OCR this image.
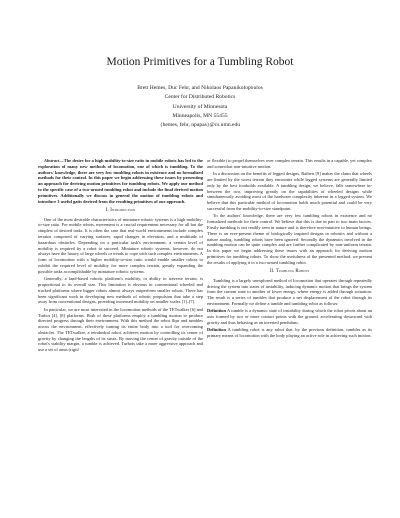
Motion Primitives for a Tumbling Robot
Brett Hemes, Duc Fehr, and Nikolaos Papanikolopoulos
Center for Distributed Robotics
University of Minnesota
Minneapolis, MN 55455
{hemes, fehr, npapas}@cs.umn.edu

Abstract—The desire for a high mobility-to-size ratio in mobile robots has led to the exploration of many new methods of locomotion, one of which is tumbling. To the authors' knowledge, there are very few tumbling robots in existence and no formalized methods for their control. In this paper we begin addressing these issues by presenting an approach for deriving motion primitives for tumbling robots. We apply our method to the specific case of a two-armed tumbling robot and include the final derived motion primitives. Additionally we discuss in general the motion of tumbling robots and introduce 3 useful gaits derived from the resulting primitives of our approach.

I. Introduction

One of the most desirable characteristics of miniature robotic systems is a high mobility-to-size ratio. For mobile robots, movement is a crucial requirement necessary for all but the simplest of desired tasks. It is often the case that real-world environments include complex terrains composed of varying surfaces, rapid changes in elevation, and a multitude of hazardous obstacles. Depending on a particular task's environment, a certain level of mobility is required by a robot to succeed. Miniature robotic systems, however, do not always have the luxury of large wheels or treads to cope with such complex environments. A form of locomotion with a higher mobility-to-size ratio would enable smaller robots to exhibit the required level of mobility for more complex terrain, greatly expanding the possible tasks accomplishable by miniature robotic systems.

Generally, a land-based robotic platform's mobility, or ability to traverse terrain, is proportional to its overall size. This limitation is obvious in conventional wheeled and tracked platforms where bigger robots almost always outperform smaller robots. There has been significant work in developing new methods of robotic propulsion that take a step away from conventional designs, providing increased mobility on smaller scales [1]–[7].

In particular, we are most interested in the locomotion methods of the TETwalker [6] and Turbot [4], [8] platforms. Both of these platforms employ a tumbling motion to produce directed progress through their environment. With this method the robot flips and tumbles across the environment, effectively turning its entire body into a tool for overcoming obstacles. The TETwalker, a tetrahedral robot, achieves motion by controlling its center of gravity by changing the lengths of its struts. By moving the center of gravity outside of the robot's stability margin, a tumble is achieved. Turbots take a more aggressive approach and use a set of arms (rigid

or flexible) to propel themselves over complex terrain. This results in a capable, yet complex and somewhat non-intuitive motion.

In a discussion on the benefits of legged designs, Raibert [9] makes the claim that wheels are limited by the worst terrain they encounter while legged systems are generally limited only by the best footholds available. A tumbling design, we believe, falls somewhere in-between the two, improving greatly on the capabilities of wheeled designs while simultaneously avoiding most of the hardware complexity inherent in a legged system. We believe that this particular method of locomotion holds much potential and could be very successful from the mobility-to-size standpoint.

To the authors' knowledge, there are very few tumbling robots in existence and no formalized methods for their control. We believe that this is due in part to two main factors. Firstly tumbling is not readily seen in nature and is therefore non-intuitive to human beings. There is an ever-present theme of biologically inspired designs in robotics and without a nature analog, tumbling robots have been ignored. Secondly the dynamics involved in the tumbling motion can be quite complex and are further complicated by non-uniform terrain. In this paper we begin addressing these issues with an approach for deriving motion primitives for tumbling robots. To show the usefulness of the presented method, we present the results of applying it to a two-armed tumbling robot.

II. Tumbling Robots

Tumbling is a largely unexplored method of locomotion that operates through repeatedly driving the system into states of instability, inducing dynamic motion that brings the system from the current state to another of lower energy, where energy is added through actuation. The result is a series of tumbles that produce a net displacement of the robot through its environment. Formally we define a tumble and tumbling robot as follows:

Definition A tumble is a dynamic state of instability during which the robot pivots about an axis formed by two or more contact points with the ground, accelerating downward with gravity and thus behaving as an inverted pendulum.

Definition A tumbling robot is any robot that, by the previous definition, tumbles as its primary means of locomotion with the body playing an active role in achieving such motion.
